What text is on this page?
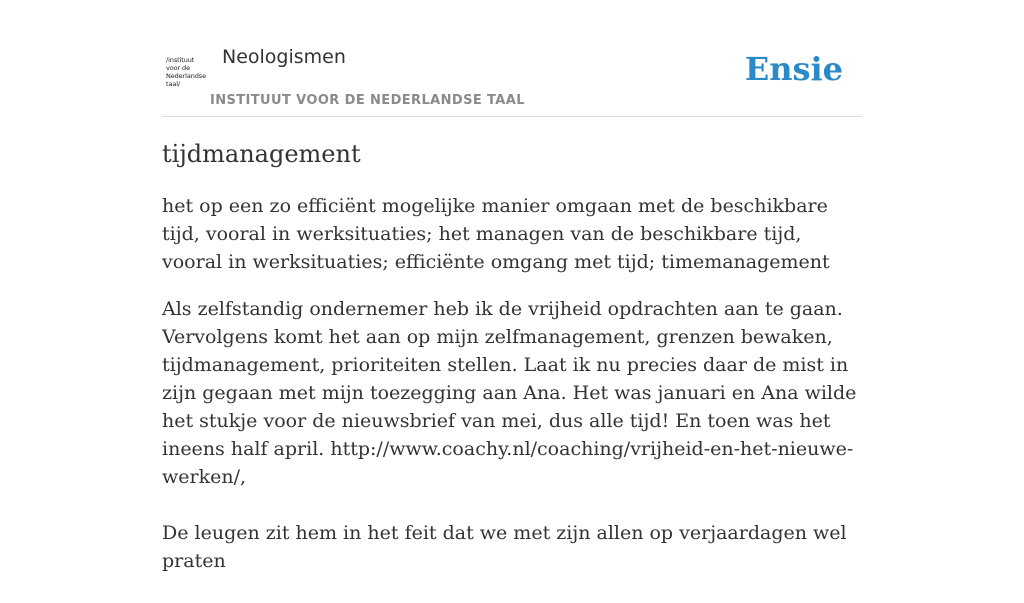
/instituut
voor de
Nederlandse
taal/
Neologismen
INSTITUUT VOOR DE NEDERLANDSE TAAL
Ensie
tijdmanagement

het op een zo efficiënt mogelijke manier omgaan met de beschikbare tijd, vooral in werksituaties; het managen van de beschikbare tijd, vooral in werksituaties; efficiënte omgang met tijd; timemanagement

Als zelfstandig ondernemer heb ik de vrijheid opdrachten aan te gaan. Vervolgens komt het aan op mijn zelfmanagement, grenzen bewaken, tijdmanagement, prioriteiten stellen. Laat ik nu precies daar de mist in zijn gegaan met mijn toezegging aan Ana. Het was januari en Ana wilde het stukje voor de nieuwsbrief van mei, dus alle tijd! En toen was het ineens half april. http://www.coachy.nl/coaching/vrijheid-en-het-nieuwe-werken/,

De leugen zit hem in het feit dat we met zijn allen op verjaardagen wel praten
